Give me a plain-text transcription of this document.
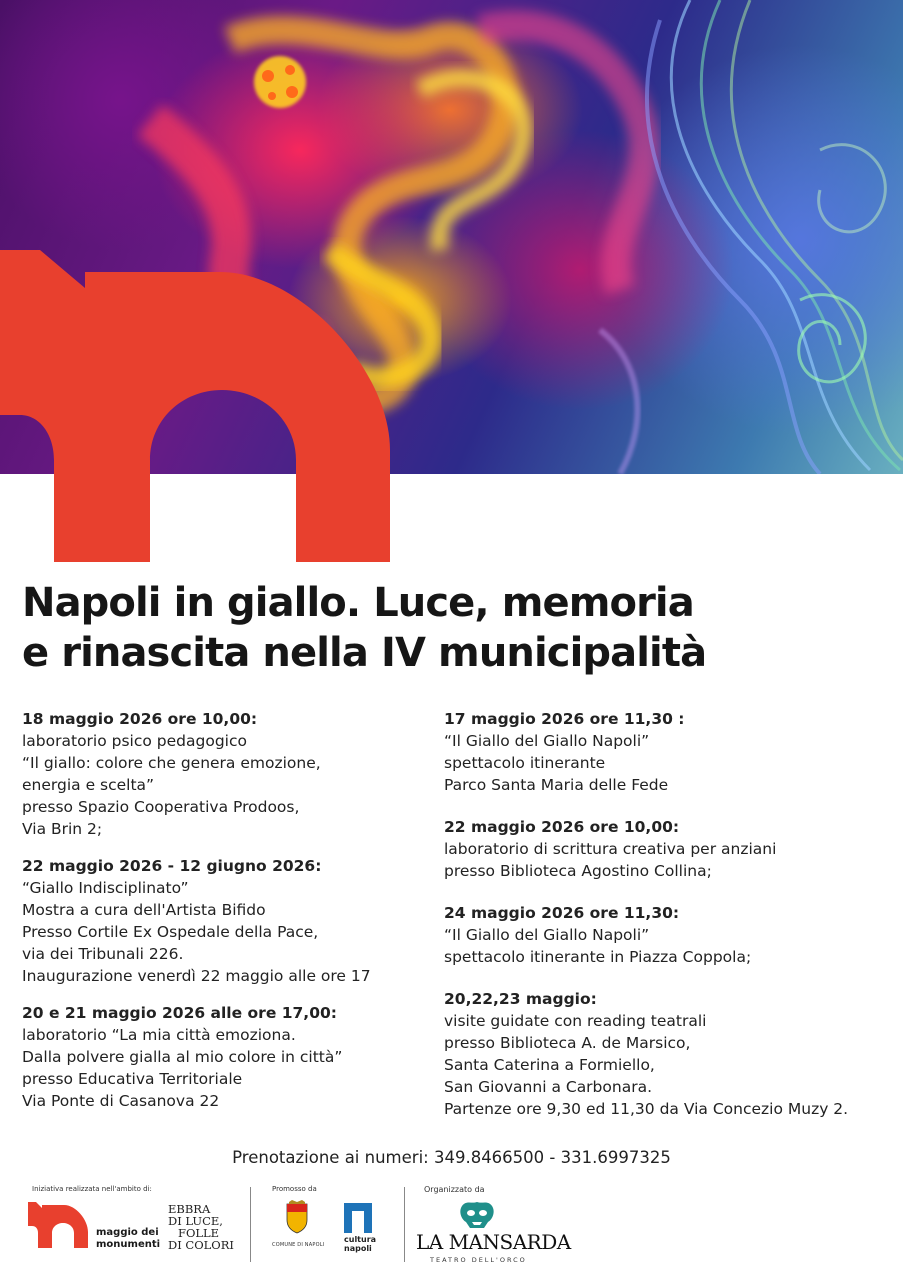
Napoli in giallo. Luce, memoria
e rinascita nella IV municipalità
18 maggio 2026 ore 10,00:
laboratorio psico pedagogico
“Il giallo: colore che genera emozione,
energia e scelta”
presso Spazio Cooperativa Prodoos,
Via Brin 2;
22 maggio 2026 - 12 giugno 2026:
“Giallo Indisciplinato”
Mostra a cura dell'Artista Bifido
Presso Cortile Ex Ospedale della Pace,
via dei Tribunali 226.
Inaugurazione venerdì 22 maggio alle ore 17
20 e 21 maggio 2026 alle ore 17,00:
laboratorio “La mia città emoziona.
Dalla polvere gialla al mio colore in città”
presso Educativa Territoriale
Via Ponte di Casanova 22
17 maggio 2026 ore 11,30 :
“Il Giallo del Giallo Napoli”
spettacolo itinerante
Parco Santa Maria delle Fede
22 maggio 2026 ore 10,00:
laboratorio di scrittura creativa per anziani
presso Biblioteca Agostino Collina;
24 maggio 2026 ore 11,30:
“Il Giallo del Giallo Napoli”
spettacolo itinerante in Piazza Coppola;
20,22,23 maggio:
visite guidate con reading teatrali
presso Biblioteca A. de Marsico,
Santa Caterina a Formiello,
San Giovanni a Carbonara.
Partenze ore 9,30 ed 11,30 da Via Concezio Muzy 2.
Prenotazione ai numeri: 349.8466500 - 331.6997325
Iniziativa realizzata nell'ambito di:
maggio dei
monumenti
EBBRA
DI LUCE,
FOLLE
DI COLORI
Promosso da
COMUNE DI NAPOLI
cultura
napoli
Organizzato da
LA MANSARDA
TEATRO DELL'ORCO
